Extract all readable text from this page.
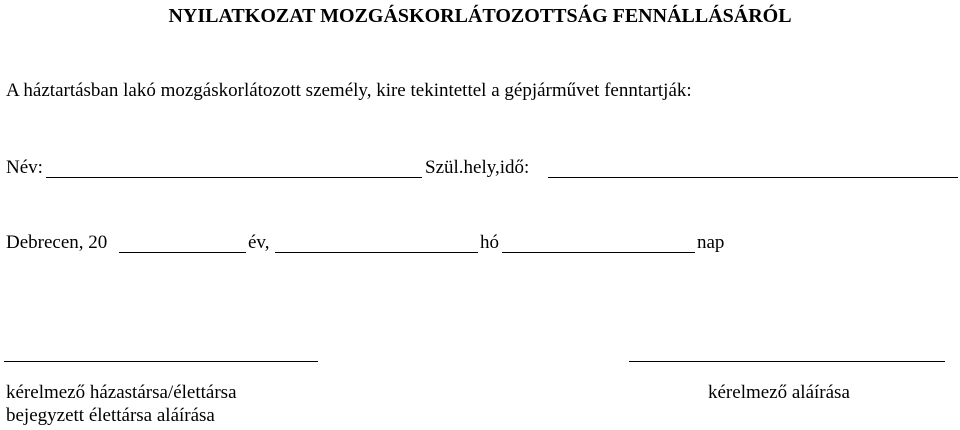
NYILATKOZAT MOZGÁSKORLÁTOZOTTSÁG FENNÁLLÁSÁRÓL
A háztartásban lakó mozgáskorlátozott személy, kire tekintettel a gépjárművet fenntartják:
Név:	Szül.hely,idő:
Debrecen, 20	év,	hó	nap
kérelmező házastársa/élettársa
bejegyzett élettársa aláírása
kérelmező aláírása
